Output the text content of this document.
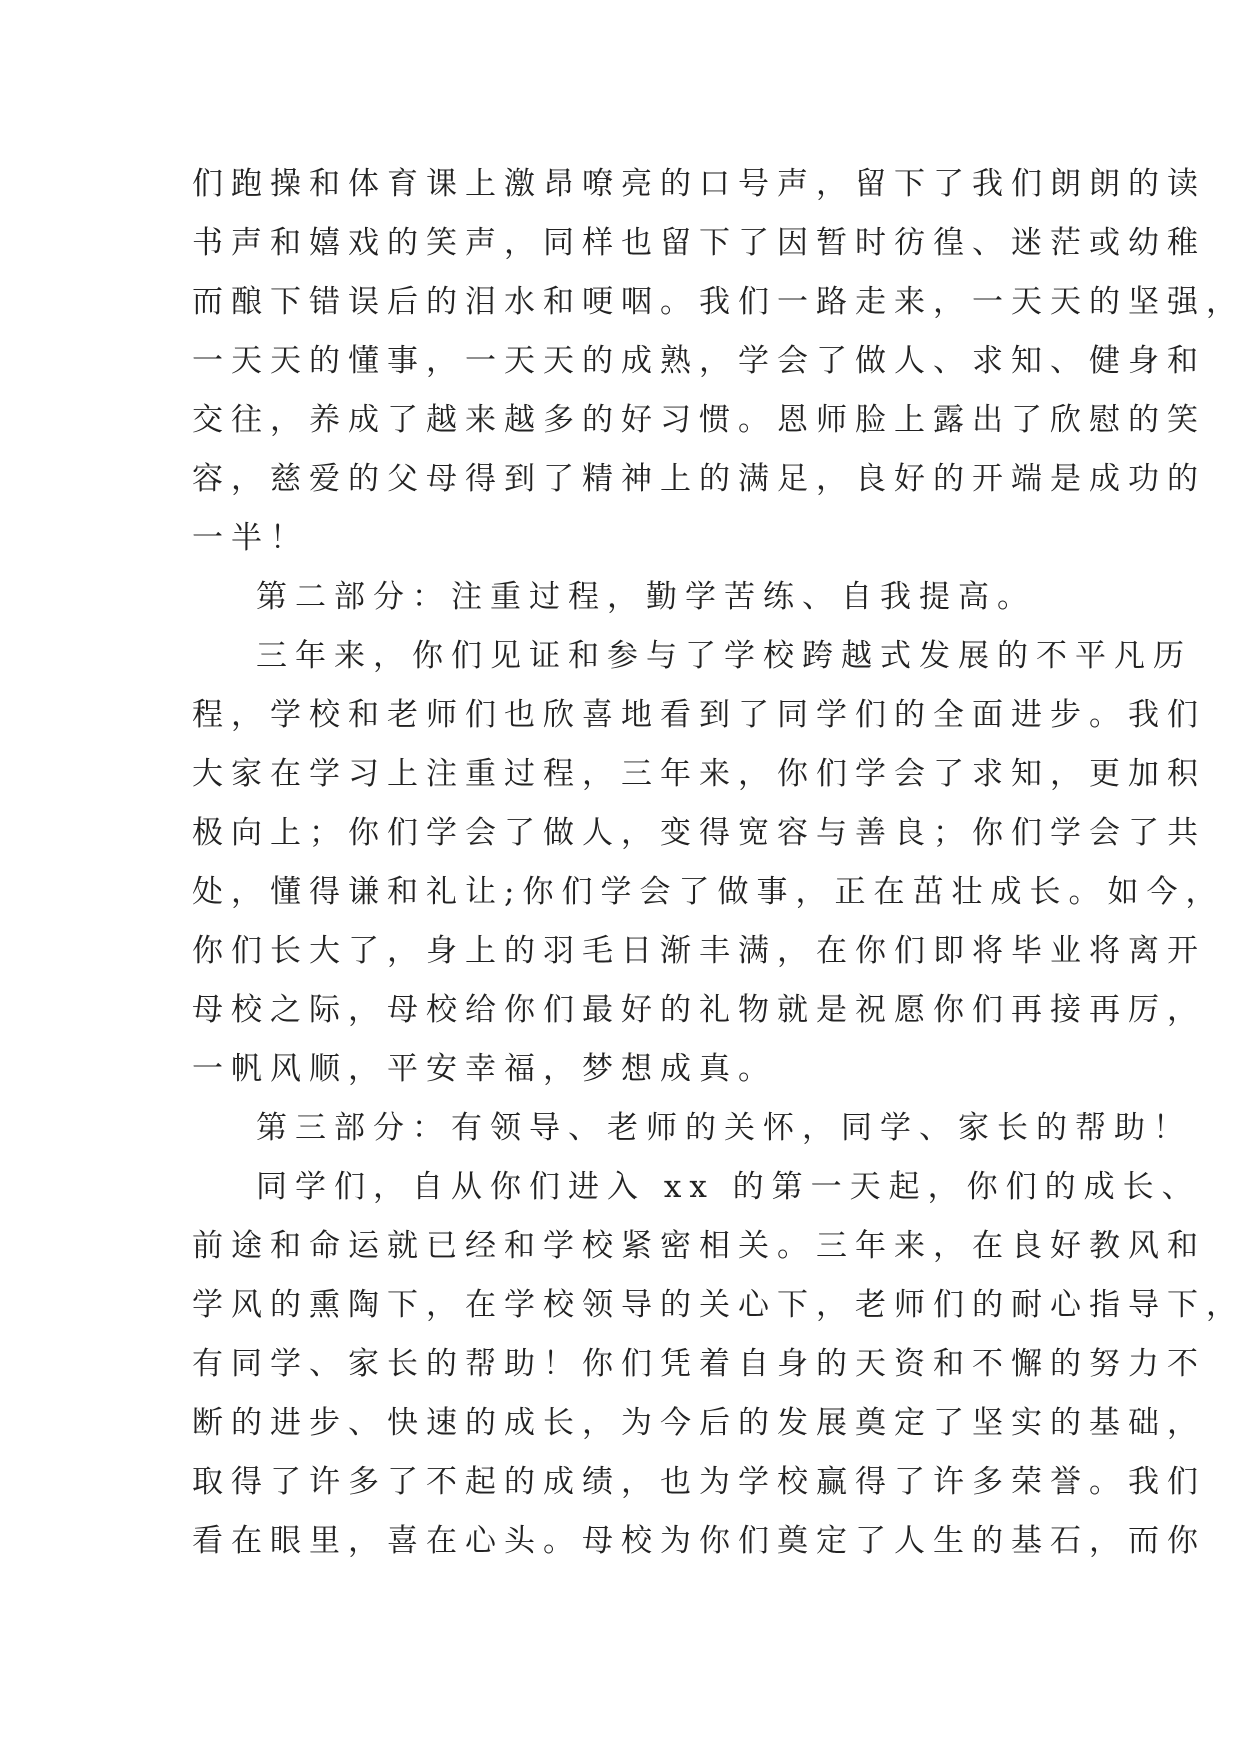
们跑操和体育课上激昂嘹亮的口号声，留下了我们朗朗的读
书声和嬉戏的笑声，同样也留下了因暂时彷徨、迷茫或幼稚
而酿下错误后的泪水和哽咽。我们一路走来，一天天的坚强，
一天天的懂事，一天天的成熟，学会了做人、求知、健身和
交往，养成了越来越多的好习惯。恩师脸上露出了欣慰的笑
容，慈爱的父母得到了精神上的满足，良好的开端是成功的
一半！
第二部分：注重过程，勤学苦练、自我提高。
三年来，你们见证和参与了学校跨越式发展的不平凡历
程，学校和老师们也欣喜地看到了同学们的全面进步。我们
大家在学习上注重过程，三年来，你们学会了求知，更加积
极向上；你们学会了做人，变得宽容与善良；你们学会了共
处，懂得谦和礼让;你们学会了做事，正在茁壮成长。如今，
你们长大了，身上的羽毛日渐丰满，在你们即将毕业将离开
母校之际，母校给你们最好的礼物就是祝愿你们再接再厉，
一帆风顺，平安幸福，梦想成真。
第三部分：有领导、老师的关怀，同学、家长的帮助！
同学们，自从你们进入 xx 的第一天起，你们的成长、
前途和命运就已经和学校紧密相关。三年来，在良好教风和
学风的熏陶下，在学校领导的关心下，老师们的耐心指导下，
有同学、家长的帮助！你们凭着自身的天资和不懈的努力不
断的进步、快速的成长，为今后的发展奠定了坚实的基础，
取得了许多了不起的成绩，也为学校赢得了许多荣誉。我们
看在眼里，喜在心头。母校为你们奠定了人生的基石，而你
